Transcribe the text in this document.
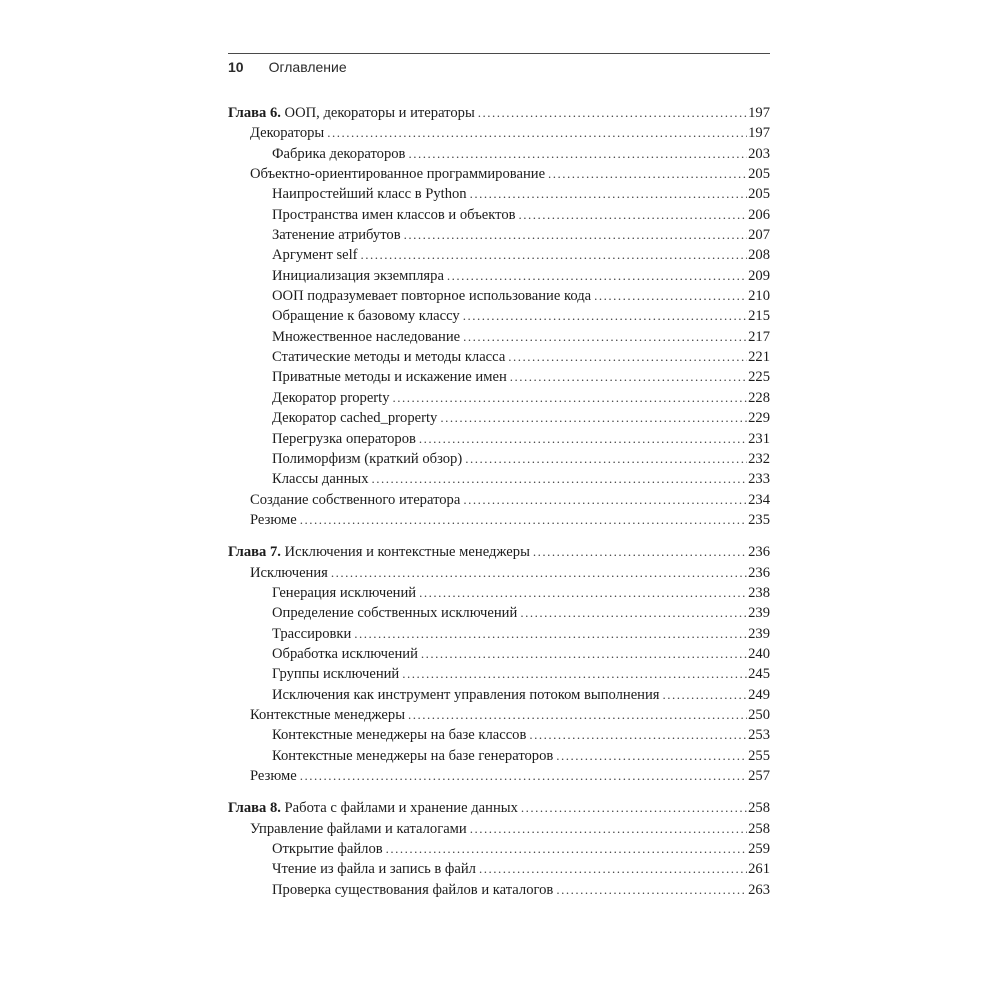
10 Оглавление
Глава 6. ООП, декораторы и итераторы .....	197
Декораторы .....	197
Фабрика декораторов .....	203
Объектно-ориентированное программирование .....	205
Наипростейший класс в Python .....	205
Пространства имен классов и объектов .....	206
Затенение атрибутов .....	207
Аргумент self .....	208
Инициализация экземпляра .....	209
ООП подразумевает повторное использование кода .....	210
Обращение к базовому классу .....	215
Множественное наследование .....	217
Статические методы и методы класса .....	221
Приватные методы и искажение имен .....	225
Декоратор property .....	228
Декоратор cached_property .....	229
Перегрузка операторов .....	231
Полиморфизм (краткий обзор) .....	232
Классы данных .....	233
Создание собственного итератора .....	234
Резюме .....	235
Глава 7. Исключения и контекстные менеджеры .....	236
Исключения .....	236
Генерация исключений .....	238
Определение собственных исключений .....	239
Трассировки .....	239
Обработка исключений .....	240
Группы исключений .....	245
Исключения как инструмент управления потоком выполнения .....	249
Контекстные менеджеры .....	250
Контекстные менеджеры на базе классов .....	253
Контекстные менеджеры на базе генераторов .....	255
Резюме .....	257
Глава 8. Работа с файлами и хранение данных .....	258
Управление файлами и каталогами .....	258
Открытие файлов .....	259
Чтение из файла и запись в файл .....	261
Проверка существования файлов и каталогов .....	263
